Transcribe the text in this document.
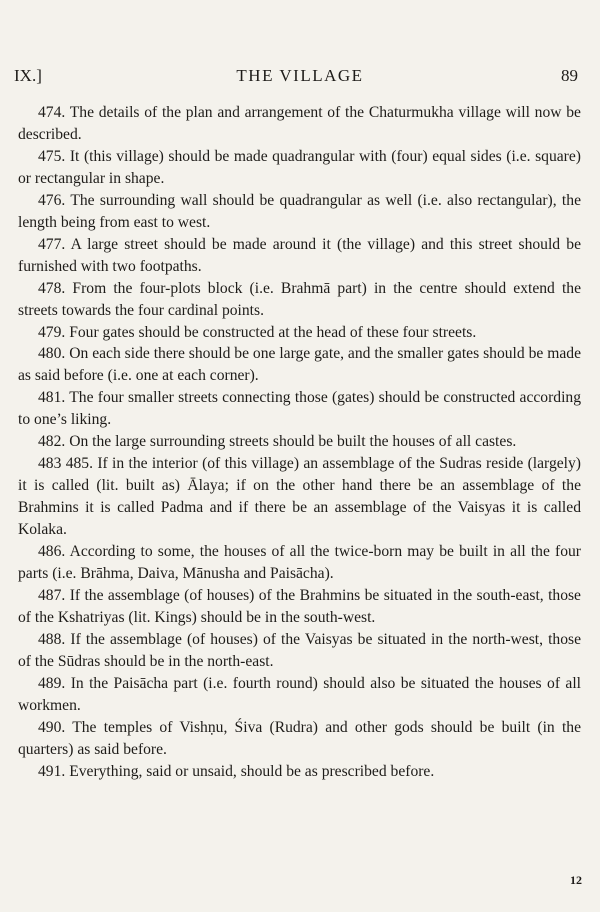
IX.]	THE VILLAGE	89

474. The details of the plan and arrangement of the Chaturmukha village will now be described.

475. It (this village) should be made quadrangular with (four) equal sides (i.e. square) or rectangular in shape.

476. The surrounding wall should be quadrangular as well (i.e. also rectangular), the length being from east to west.

477. A large street should be made around it (the village) and this street should be furnished with two footpaths.

478. From the four-plots block (i.e. Brahmā part) in the centre should extend the streets towards the four cardinal points.

479. Four gates should be constructed at the head of these four streets.

480. On each side there should be one large gate, and the smaller gates should be made as said before (i.e. one at each corner).

481. The four smaller streets connecting those (gates) should be constructed according to one’s liking.

482. On the large surrounding streets should be built the houses of all castes.

483 485. If in the interior (of this village) an assemblage of the Sudras reside (largely) it is called (lit. built as) Ālaya; if on the other hand there be an assemblage of the Brahmins it is called Padma and if there be an assemblage of the Vaisyas it is called Kolaka.

486. According to some, the houses of all the twice-born may be built in all the four parts (i.e. Brāhma, Daiva, Mānusha and Paisācha).

487. If the assemblage (of houses) of the Brahmins be situated in the south-east, those of the Kshatriyas (lit. Kings) should be in the south-west.

488. If the assemblage (of houses) of the Vaisyas be situated in the north-west, those of the Sūdras should be in the north-east.

489. In the Paisācha part (i.e. fourth round) should also be situated the houses of all workmen.

490. The temples of Vishṇu, Śiva (Rudra) and other gods should be built (in the quarters) as said before.

491. Everything, said or unsaid, should be as prescribed before.

12
